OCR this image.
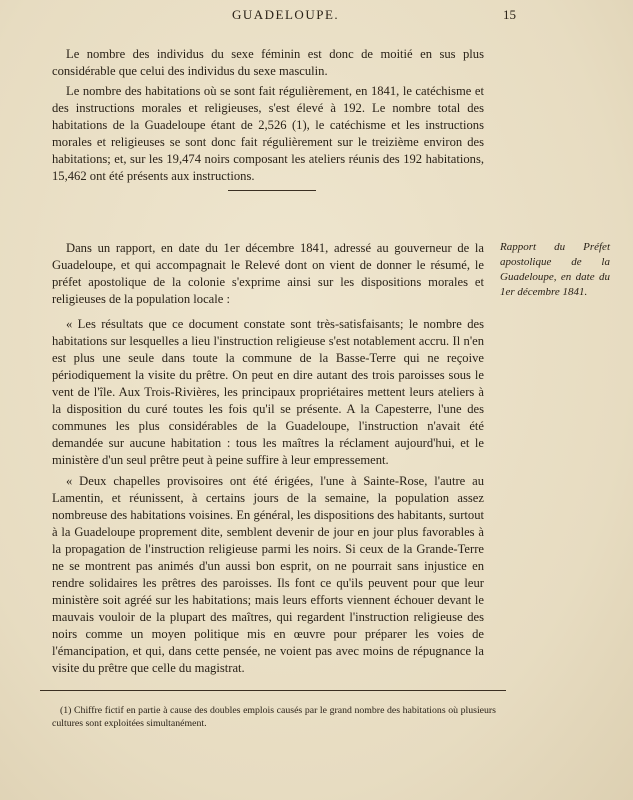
GUADELOUPE.	15

Le nombre des individus du sexe féminin est donc de moitié en sus plus considérable que celui des individus du sexe masculin.

Le nombre des habitations où se sont fait régulièrement, en 1841, le catéchisme et des instructions morales et religieuses, s'est élevé à 192. Le nombre total des habitations de la Guadeloupe étant de 2,526 (1), le catéchisme et les instructions morales et religieuses se sont donc fait régulièrement sur le treizième environ des habitations; et, sur les 19,474 noirs composant les ateliers réunis des 192 habitations, 15,462 ont été présents aux instructions.

Dans un rapport, en date du 1er décembre 1841, adressé au gouverneur de la Guadeloupe, et qui accompagnait le Relevé dont on vient de donner le résumé, le préfet apostolique de la colonie s'exprime ainsi sur les dispositions morales et religieuses de la population locale :

Rapport du Préfet apostolique de la Guadeloupe, en date du 1er décembre 1841.

« Les résultats que ce document constate sont très-satisfaisants; le nombre des habitations sur lesquelles a lieu l'instruction religieuse s'est notablement accru. Il n'en est plus une seule dans toute la commune de la Basse-Terre qui ne reçoive périodiquement la visite du prêtre. On peut en dire autant des trois paroisses sous le vent de l'île. Aux Trois-Rivières, les principaux propriétaires mettent leurs ateliers à la disposition du curé toutes les fois qu'il se présente. A la Capesterre, l'une des communes les plus considérables de la Guadeloupe, l'instruction n'avait été demandée sur aucune habitation : tous les maîtres la réclament aujourd'hui, et le ministère d'un seul prêtre peut à peine suffire à leur empressement.

« Deux chapelles provisoires ont été érigées, l'une à Sainte-Rose, l'autre au Lamentin, et réunissent, à certains jours de la semaine, la population assez nombreuse des habitations voisines. En général, les dispositions des habitants, surtout à la Guadeloupe proprement dite, semblent devenir de jour en jour plus favorables à la propagation de l'instruction religieuse parmi les noirs. Si ceux de la Grande-Terre ne se montrent pas animés d'un aussi bon esprit, on ne pourrait sans injustice en rendre solidaires les prêtres des paroisses. Ils font ce qu'ils peuvent pour que leur ministère soit agréé sur les habitations; mais leurs efforts viennent échouer devant le mauvais vouloir de la plupart des maîtres, qui regardent l'instruction religieuse des noirs comme un moyen politique mis en œuvre pour préparer les voies de l'émancipation, et qui, dans cette pensée, ne voient pas avec moins de répugnance la visite du prêtre que celle du magistrat.

(1) Chiffre fictif en partie à cause des doubles emplois causés par le grand nombre des habitations où plusieurs cultures sont exploitées simultanément.
